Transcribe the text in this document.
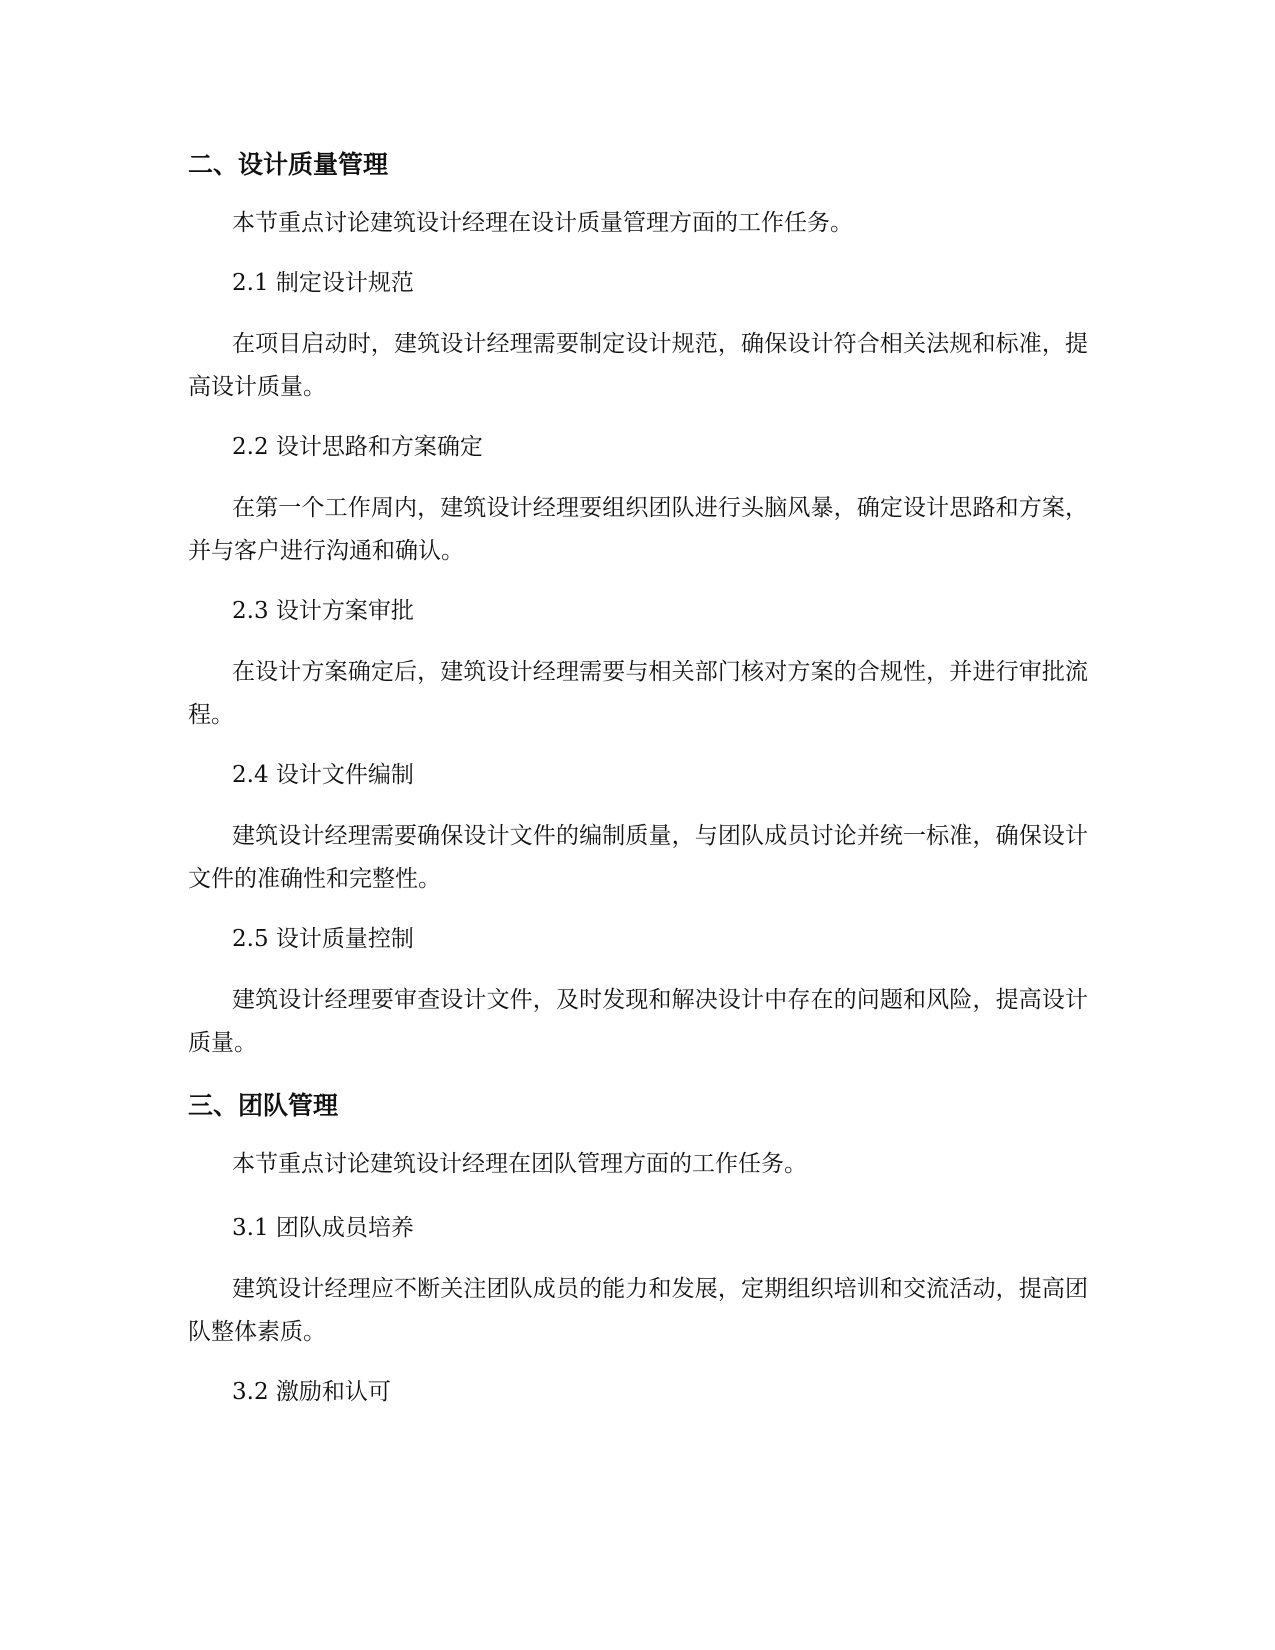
二、设计质量管理

本节重点讨论建筑设计经理在设计质量管理方面的工作任务。

2.1 制定设计规范

在项目启动时，建筑设计经理需要制定设计规范，确保设计符合相关法规和标准，提高设计质量。

2.2 设计思路和方案确定

在第一个工作周内，建筑设计经理要组织团队进行头脑风暴，确定设计思路和方案，并与客户进行沟通和确认。

2.3 设计方案审批

在设计方案确定后，建筑设计经理需要与相关部门核对方案的合规性，并进行审批流程。

2.4 设计文件编制

建筑设计经理需要确保设计文件的编制质量，与团队成员讨论并统一标准，确保设计文件的准确性和完整性。

2.5 设计质量控制

建筑设计经理要审查设计文件，及时发现和解决设计中存在的问题和风险，提高设计质量。

三、团队管理

本节重点讨论建筑设计经理在团队管理方面的工作任务。

3.1 团队成员培养

建筑设计经理应不断关注团队成员的能力和发展，定期组织培训和交流活动，提高团队整体素质。

3.2 激励和认可
